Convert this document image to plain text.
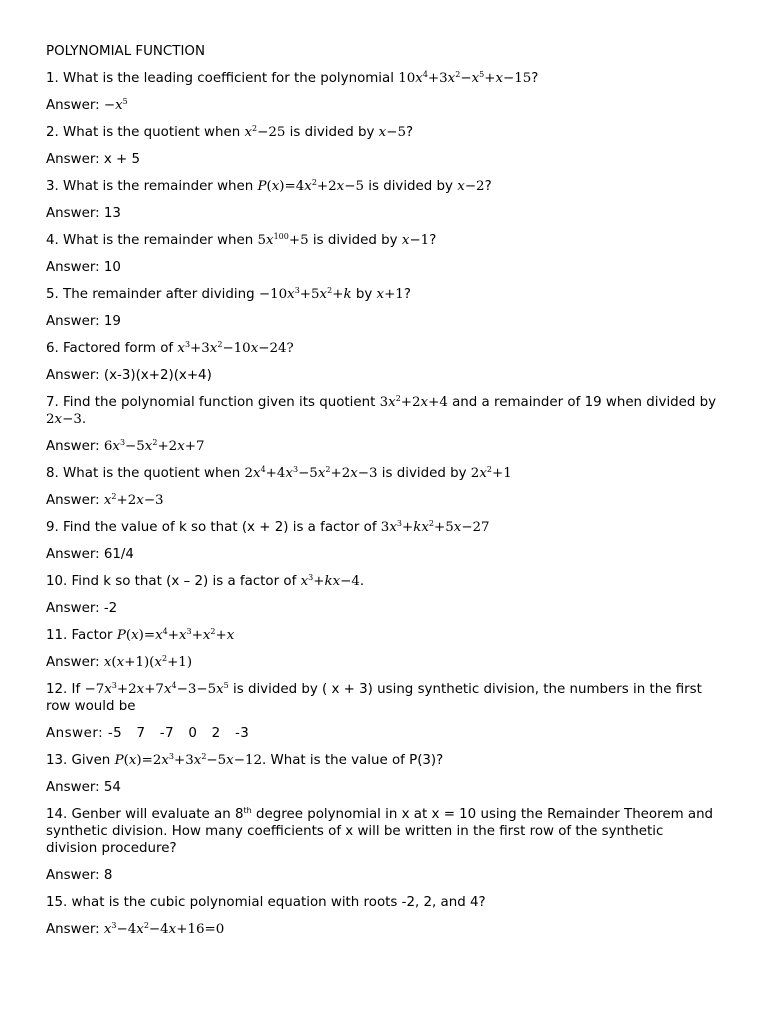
POLYNOMIAL FUNCTION
1. What is the leading coefficient for the polynomial $10x^4+3x^2-x^5+x-15$?
Answer: $-x^5$
2. What is the quotient when $x^2-25$ is divided by x−5?
Answer: x + 5
3. What is the remainder when $P(x)=4x^2+2x-5$ is divided by x−2?
Answer: 13
4. What is the remainder when $5x^{100}+5$ is divided by x−1?
Answer: 10
5. The remainder after dividing $-10x^3+5x^2+k$ by x+1?
Answer: 19
6. Factored form of $x^3+3x^2-10x-24$?
Answer: (x-3)(x+2)(x+4)
7. Find the polynomial function given its quotient $3x^2+2x+4$ and a remainder of 19 when divided by 2x−3.
Answer: $6x^3-5x^2+2x+7$
8. What is the quotient when $2x^4+4x^3-5x^2+2x-3$ is divided by $2x^2+1$
Answer: $x^2+2x-3$
9. Find the value of k so that (x + 2) is a factor of $3x^3+kx^2+5x-27$
Answer: 61/4
10. Find k so that (x – 2) is a factor of $x^3+kx-4$.
Answer: -2
11. Factor $P(x)=x^4+x^3+x^2+x$
Answer: $x(x+1)(x^2+1)$
12. $If -7x^3+2x+7x^4-3-5x^5$ is divided by ( x + 3) using synthetic division, the numbers in the first row would be
Answer: -5   7   -7   0   2   -3
13. Given $P(x)=2x^3+3x^2-5x-12$. What is the value of P(3)?
Answer: 54
14. Genber will evaluate an 8th degree polynomial in x at x = 10 using the Remainder Theorem and synthetic division. How many coefficients of x will be written in the first row of the synthetic division procedure?
Answer: 8
15. what is the cubic polynomial equation with roots -2, 2, and 4?
Answer: $x^3-4x^2-4x+16=0$
